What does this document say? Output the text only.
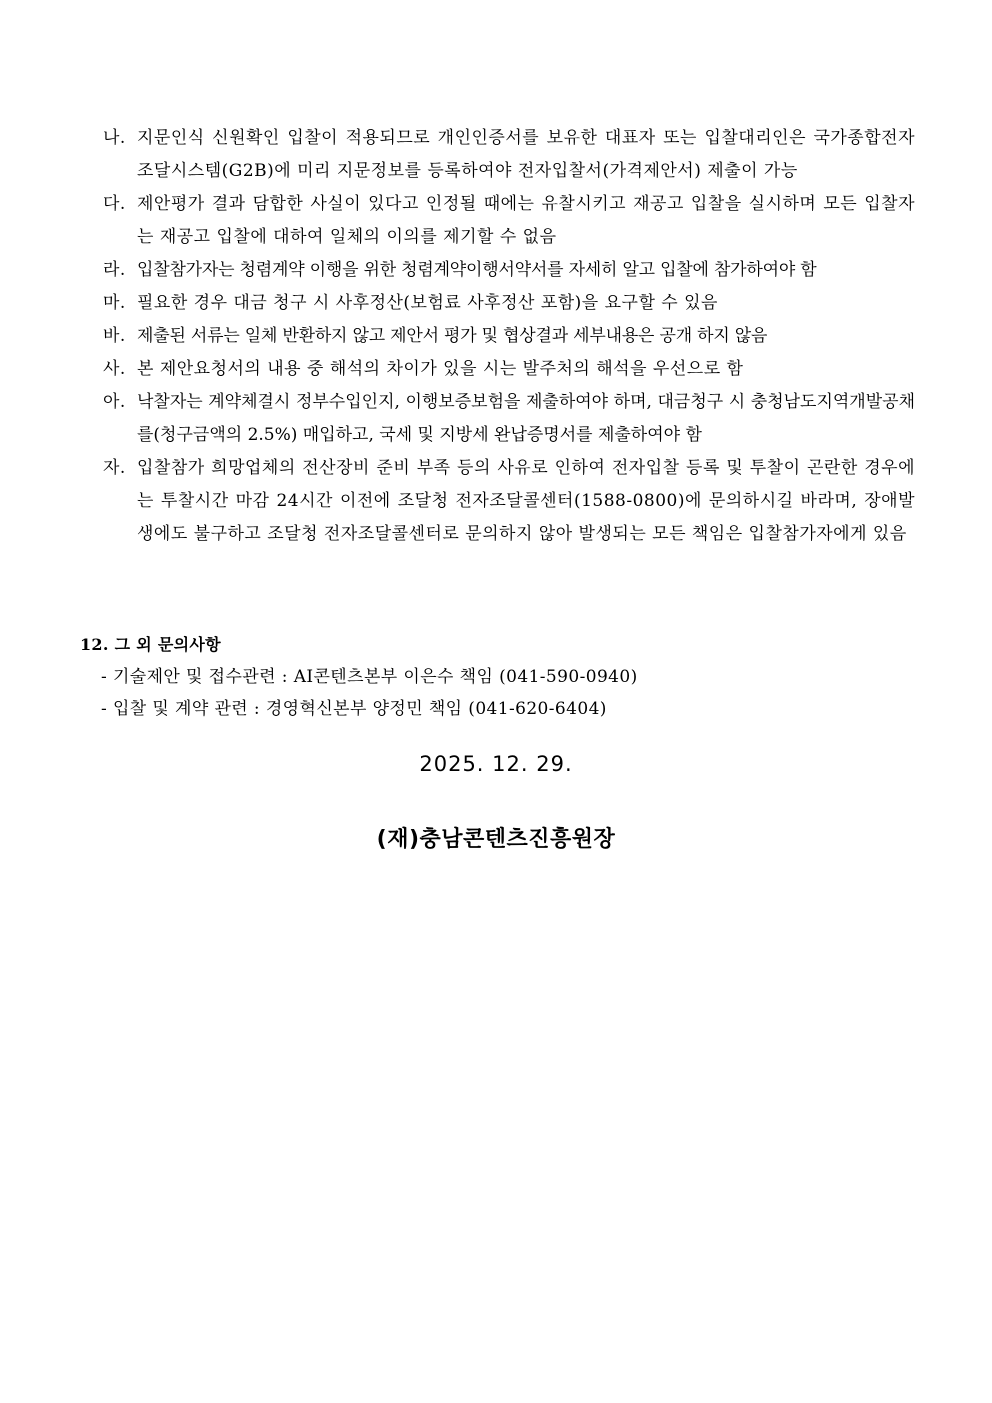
나. 지문인식 신원확인 입찰이 적용되므로 개인인증서를 보유한 대표자 또는 입찰대리인은 국가종합전자조달시스템(G2B)에 미리 지문정보를 등록하여야 전자입찰서(가격제안서) 제출이 가능
다. 제안평가 결과 담합한 사실이 있다고 인정될 때에는 유찰시키고 재공고 입찰을 실시하며 모든 입찰자는 재공고 입찰에 대하여 일체의 이의를 제기할 수 없음
라. 입찰참가자는 청렴계약 이행을 위한 청렴계약이행서약서를 자세히 알고 입찰에 참가하여야 함
마. 필요한 경우 대금 청구 시 사후정산(보험료 사후정산 포함)을 요구할 수 있음
바. 제출된 서류는 일체 반환하지 않고 제안서 평가 및 협상결과 세부내용은 공개 하지 않음
사. 본 제안요청서의 내용 중 해석의 차이가 있을 시는 발주처의 해석을 우선으로 함
아. 낙찰자는 계약체결시 정부수입인지, 이행보증보험을 제출하여야 하며, 대금청구 시 충청남도지역개발공채를(청구금액의 2.5%) 매입하고, 국세 및 지방세 완납증명서를 제출하여야 함
자. 입찰참가 희망업체의 전산장비 준비 부족 등의 사유로 인하여 전자입찰 등록 및 투찰이 곤란한 경우에는 투찰시간 마감 24시간 이전에 조달청 전자조달콜센터(1588-0800)에 문의하시길 바라며, 장애발생에도 불구하고 조달청 전자조달콜센터로 문의하지 않아 발생되는 모든 책임은 입찰참가자에게 있음
12. 그 외 문의사항
- 기술제안 및 접수관련 : AI콘텐츠본부 이은수 책임 (041-590-0940)
- 입찰 및 계약 관련 : 경영혁신본부 양정민 책임 (041-620-6404)
2025. 12. 29.
(재)충남콘텐츠진흥원장
